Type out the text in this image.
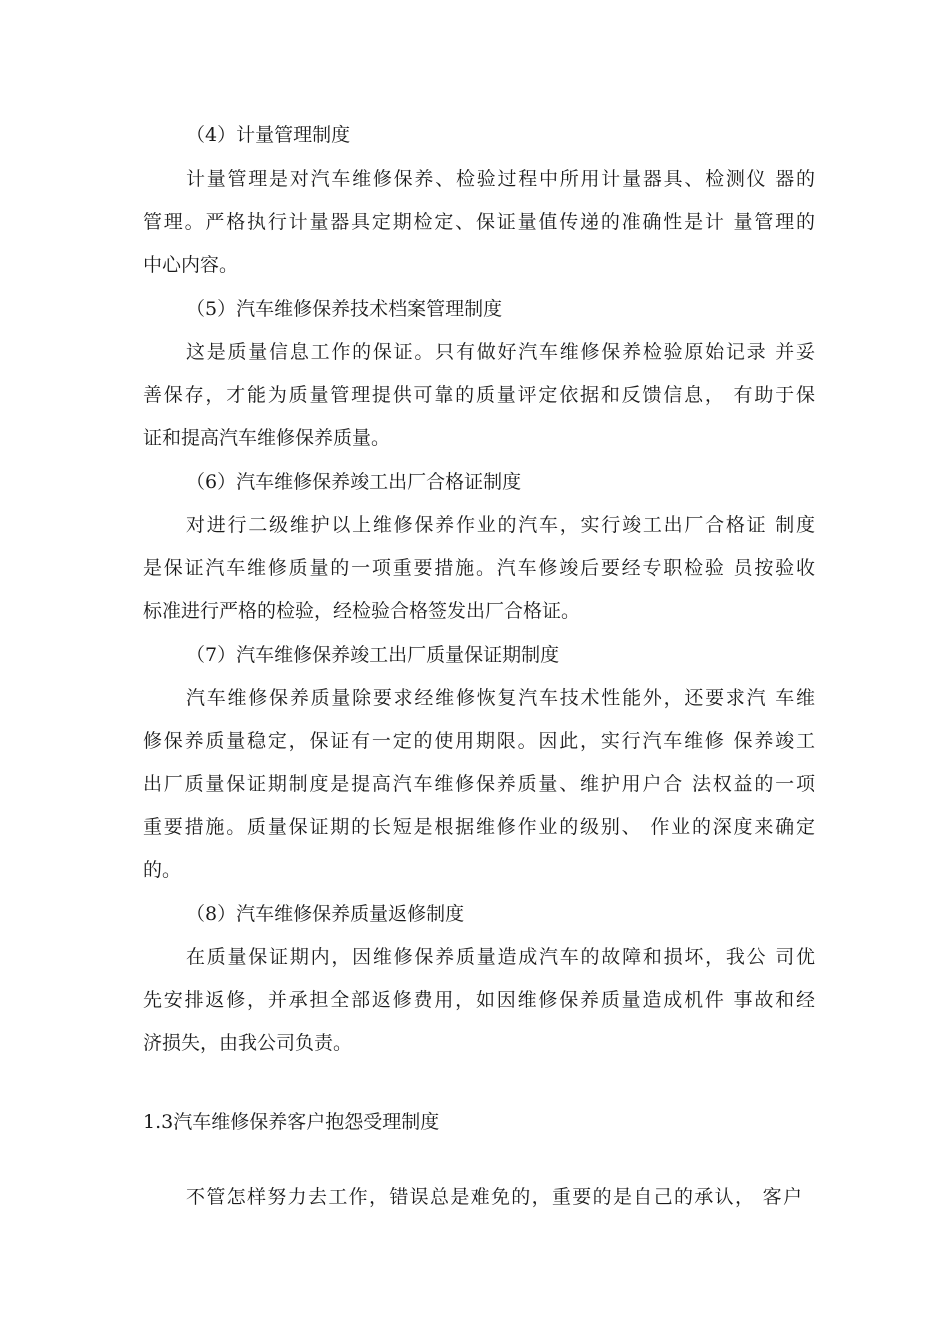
（4）计量管理制度
计量管理是对汽车维修保养、检验过程中所用计量器具、检测仪 器的
管理。严格执行计量器具定期检定、保证量值传递的准确性是计 量管理的
中心内容。
（5）汽车维修保养技术档案管理制度
这是质量信息工作的保证。只有做好汽车维修保养检验原始记录 并妥
善保存，才能为质量管理提供可靠的质量评定依据和反馈信息， 有助于保
证和提高汽车维修保养质量。
（6）汽车维修保养竣工出厂合格证制度
对进行二级维护以上维修保养作业的汽车，实行竣工出厂合格证 制度
是保证汽车维修质量的一项重要措施。汽车修竣后要经专职检验 员按验收
标准进行严格的检验，经检验合格签发出厂合格证。
（7）汽车维修保养竣工出厂质量保证期制度
汽车维修保养质量除要求经维修恢复汽车技术性能外，还要求汽 车维
修保养质量稳定，保证有一定的使用期限。因此，实行汽车维修 保养竣工
出厂质量保证期制度是提高汽车维修保养质量、维护用户合 法权益的一项
重要措施。质量保证期的长短是根据维修作业的级别、 作业的深度来确定
的。
（8）汽车维修保养质量返修制度
在质量保证期内，因维修保养质量造成汽车的故障和损坏，我公 司优
先安排返修，并承担全部返修费用，如因维修保养质量造成机件 事故和经
济损失，由我公司负责。
1.3汽车维修保养客户抱怨受理制度
不管怎样努力去工作，错误总是难免的，重要的是自己的承认， 客户
